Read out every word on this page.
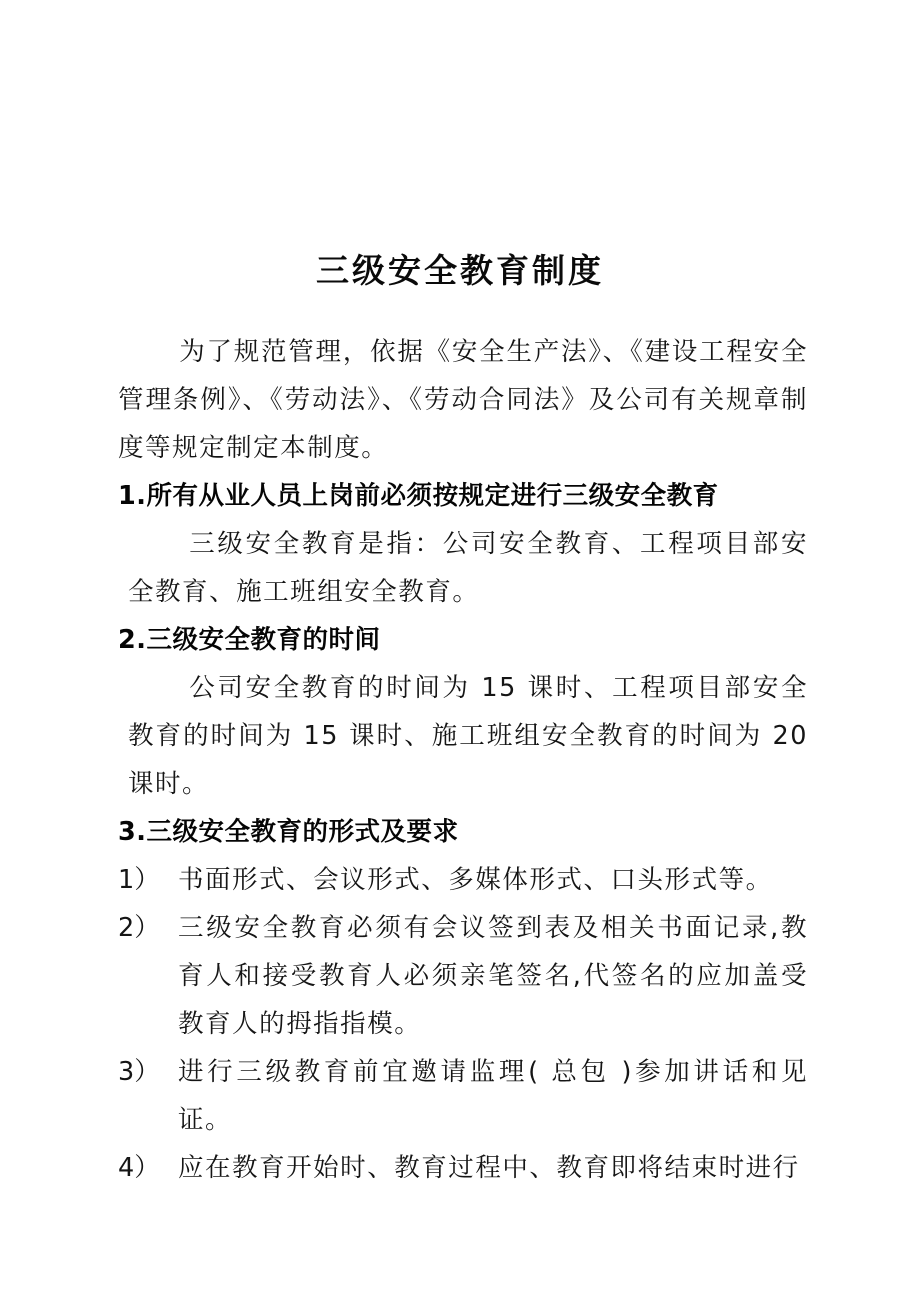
三级安全教育制度

为了规范管理，依据《安全生产法》、《建设工程安全管理条例》、《劳动法》、《劳动合同法》及公司有关规章制度等规定制定本制度。

1.所有从业人员上岗前必须按规定进行三级安全教育

三级安全教育是指：公司安全教育、工程项目部安全教育、施工班组安全教育。

2.三级安全教育的时间

公司安全教育的时间为 15 课时、工程项目部安全教育的时间为 15 课时、施工班组安全教育的时间为 20 课时。

3.三级安全教育的形式及要求

1） 书面形式、会议形式、多媒体形式、口头形式等。
2） 三级安全教育必须有会议签到表及相关书面记录,教育人和接受教育人必须亲笔签名,代签名的应加盖受教育人的拇指指模。
3） 进行三级教育前宜邀请监理( 总包 )参加讲话和见证。
4） 应在教育开始时、教育过程中、教育即将结束时进行
